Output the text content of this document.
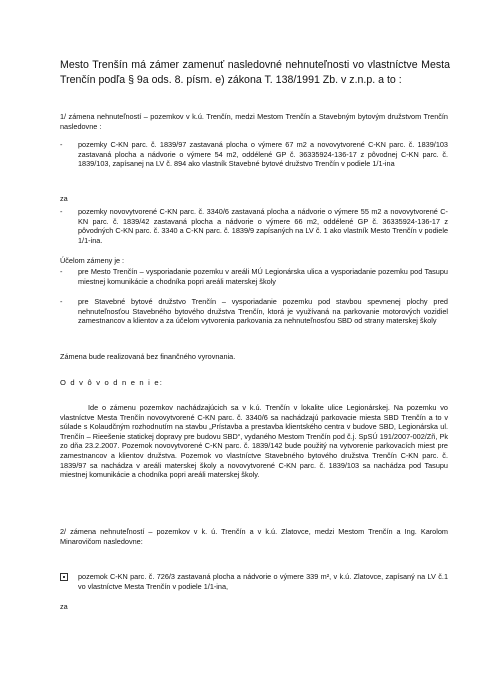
Mesto Trenšín má zámer zamenuť nasledovné nehnuteľnosti vo vlastníctve Mesta Trenčín podľa § 9a ods. 8. písm. e) zákona T. 138/1991 Zb. v z.n.p. a to :
1/ zámena nehnuteľností – pozemkov v k.ú. Trenčín, medzi Mestom Trenčín a Stavebným bytovým družstvom Trenčín nasledovne :
-	pozemky C-KN parc. č. 1839/97 zastavaná plocha o výmere 67 m2 a novovytvorené C-KN parc. č. 1839/103 zastavaná plocha a nádvorie o výmere 54 m2, oddélené GP č. 36335924-136-17 z pôvodnej C-KN parc. č. 1839/103, zapísanej na LV č. 894 ako vlastník Stavebné bytové družstvo Trenčín v podiele 1/1-ina
za
-	pozemky novovytvorené C-KN parc. č. 3340/6 zastavaná plocha a nádvorie o výmere 55 m2 a novovytvorené C-KN parc. č. 1839/42 zastavaná plocha a nádvorie o výmere 66 m2, oddélené GP č. 36335924-136-17 z pôvodných C-KN parc. č. 3340 a C-KN parc. č. 1839/9 zapísaných na LV č. 1 ako vlastník Mesto Trenčín v podiele 1/1-ina.
Účelom zámeny je :
-	pre Mesto Trenčín – vysporiadanie pozemku v areáli MÚ Legionárska ulica a vysporiadanie pozemku pod Tasupu miestnej komunikácie a chodníka popri areáli materskej školy
-	pre Stavebné bytové družstvo Trenčín – vysporiadanie pozemku pod stavbou spevnenej plochy pred nehnuteľnosťou Stavebného bytového družstva Trenčín, ktorá je využívaná na parkovanie motorových vozidiel zamestnancov a klientov a za účelom vytvorenia parkovania za nehnuteľnosťou SBD od strany materskej školy
Zámena bude realizovaná bez finančného vyrovnania.
O d v ô v o d n e n i e:
Ide o zámenu pozemkov nachádzajúcich sa v k.ú. Trenčín v lokalite ulice Legionárskej. Na pozemku vo vlastníctve Mesta Trenčín novovytvorené C-KN parc. č. 3340/6 sa nachádzajú parkovacie miesta SBD Trenčín a to v súlade s Kolaudčným rozhodnutím na stavbu „Prístavba a prestavba klientského centra v budove SBD, Legionárska ul. Trenčín – Rieešenie statickej dopravy pre budovu SBD“, vydaného Mestom Trenčín pod č.j. SpSÚ 191/2007-002/Zñ, Pk zo dňa 23.2.2007. Pozemok novovytvorené C-KN parc. č. 1839/142 bude použitý na vytvorenie parkovacích miest pre zamestnancov a klientov družstva. Pozemok vo vlastníctve Stavebného bytového družstva Trenčín C-KN parc. č. 1839/97 sa nachádza v areáli materskej školy a novovytvorené C-KN parc. č. 1839/103 sa nachádza pod Tasupu miestnej komunikácie a chodníka popri areáli materskej školy.
2/ zámena nehnuteľností – pozemkov v k. ú. Trenčín a v k.ú. Zlatovce, medzi Mestom Trenčín a Ing. Karolom Minarovičom nasledovne:
pozemok C-KN parc. č. 726/3 zastavaná plocha a nádvorie o výmere 339 m², v k.ú. Zlatovce, zapísaný na LV č.1 vo vlastníctve Mesta Trenčín v podiele 1/1-ina,
za
